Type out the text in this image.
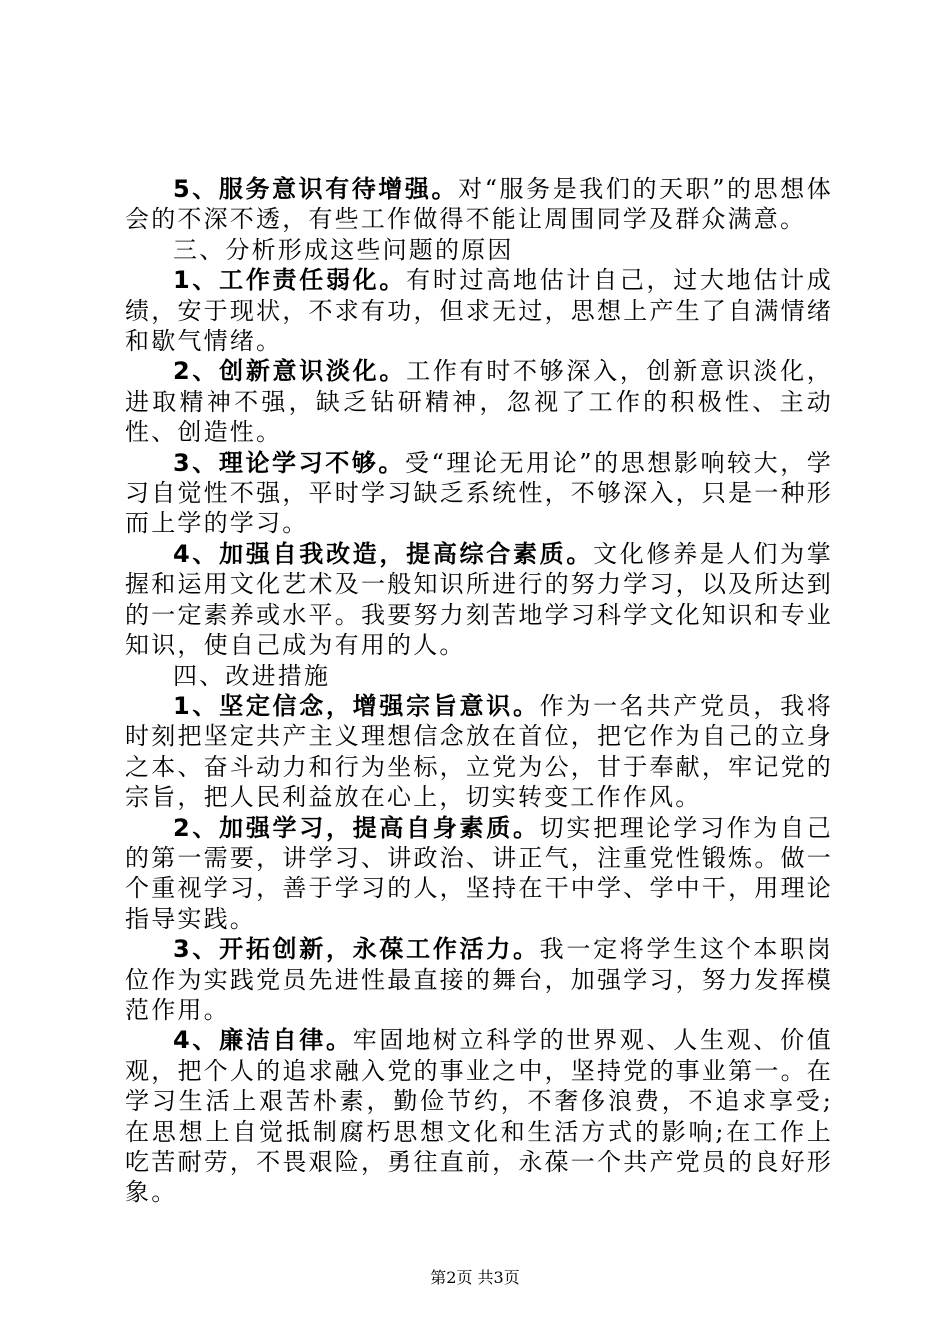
5、服务意识有待增强。对“服务是我们的天职”的思想体会的不深不透，有些工作做得不能让周围同学及群众满意。

三、分析形成这些问题的原因

1、工作责任弱化。有时过高地估计自己，过大地估计成绩，安于现状，不求有功，但求无过，思想上产生了自满情绪和歇气情绪。

2、创新意识淡化。工作有时不够深入，创新意识淡化，进取精神不强，缺乏钻研精神，忽视了工作的积极性、主动性、创造性。

3、理论学习不够。受“理论无用论”的思想影响较大，学习自觉性不强，平时学习缺乏系统性，不够深入，只是一种形而上学的学习。

4、加强自我改造，提高综合素质。文化修养是人们为掌握和运用文化艺术及一般知识所进行的努力学习，以及所达到的一定素养或水平。我要努力刻苦地学习科学文化知识和专业知识，使自己成为有用的人。

四、改进措施

1、坚定信念，增强宗旨意识。作为一名共产党员，我将时刻把坚定共产主义理想信念放在首位，把它作为自己的立身之本、奋斗动力和行为坐标，立党为公，甘于奉献，牢记党的宗旨，把人民利益放在心上，切实转变工作作风。

2、加强学习，提高自身素质。切实把理论学习作为自己的第一需要，讲学习、讲政治、讲正气，注重党性锻炼。做一个重视学习，善于学习的人，坚持在干中学、学中干，用理论指导实践。

3、开拓创新，永葆工作活力。我一定将学生这个本职岗位作为实践党员先进性最直接的舞台，加强学习，努力发挥模范作用。

4、廉洁自律。牢固地树立科学的世界观、人生观、价值观，把个人的追求融入党的事业之中，坚持党的事业第一。在学习生活上艰苦朴素，勤俭节约，不奢侈浪费，不追求享受;在思想上自觉抵制腐朽思想文化和生活方式的影响;在工作上吃苦耐劳，不畏艰险，勇往直前，永葆一个共产党员的良好形象。

第2页 共3页
